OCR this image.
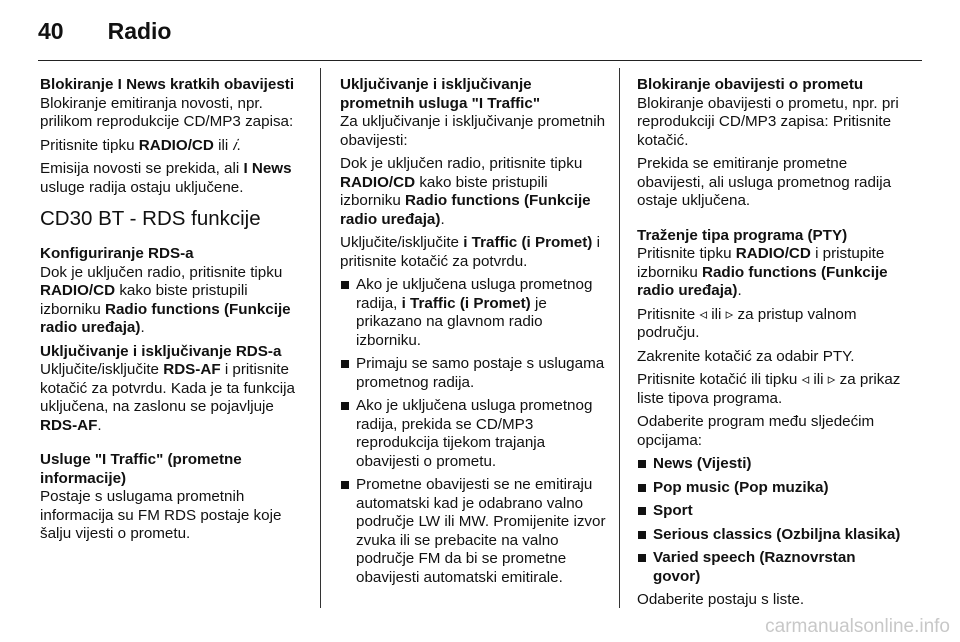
40 Radio
Blokiranje I News kratkih obavijesti

Blokiranje emitiranja novosti, npr. prilikom reprodukcije CD/MP3 zapisa:

Pritisnite tipku RADIO/CD ili 𝑖.

Emisija novosti se prekida, ali I News usluge radija ostaju uključene.

CD30 BT - RDS funkcije
Konfiguriranje RDS-a

Dok je uključen radio, pritisnite tipku RADIO/CD kako biste pristupili izborniku Radio functions (Funkcije radio uređaja).

Uključivanje i isključivanje RDS-a

Uključite/isključite RDS-AF i pritisnite kotačić za potvrdu. Kada je ta funkcija uključena, na zaslonu se pojavljuje RDS-AF.

Usluge "I Traffic" (prometne informacije)

Postaje s uslugama prometnih informacija su FM RDS postaje koje šalju vijesti o prometu.

Uključivanje i isključivanje prometnih usluga "I Traffic"

Za uključivanje i isključivanje prometnih obavijesti:

Dok je uključen radio, pritisnite tipku RADIO/CD kako biste pristupili izborniku Radio functions (Funkcije radio uređaja).

Uključite/isključite i Traffic (i Promet) i pritisnite kotačić za potvrdu.

Ako je uključena usluga prometnog radija, i Traffic (i Promet) je prikazano na glavnom radio izborniku.
Primaju se samo postaje s uslugama prometnog radija.
Ako je uključena usluga prometnog radija, prekida se CD/MP3 reprodukcija tijekom trajanja obavijesti o prometu.
Prometne obavijesti se ne emitiraju automatski kad je odabrano valno područje LW ili MW. Promijenite izvor zvuka ili se prebacite na valno područje FM da bi se prometne obavijesti automatski emitirale.
Blokiranje obavijesti o prometu

Blokiranje obavijesti o prometu, npr. pri reprodukciji CD/MP3 zapisa: Pritisnite kotačić.

Prekida se emitiranje prometne obavijesti, ali usluga prometnog radija ostaje uključena.

Traženje tipa programa (PTY)

Pritisnite tipku RADIO/CD i pristupite izborniku Radio functions (Funkcije radio uređaja).

Pritisnite ◃ ili ▹ za pristup valnom području.

Zakrenite kotačić za odabir PTY.

Pritisnite kotačić ili tipku ◃ ili ▹ za prikaz liste tipova programa.

Odaberite program među sljedećim opcijama:

News (Vijesti)
Pop music (Pop muzika)
Sport
Serious classics (Ozbiljna klasika)
Varied speech (Raznovrstan govor)

Odaberite postaju s liste.

carmanualsonline.info
